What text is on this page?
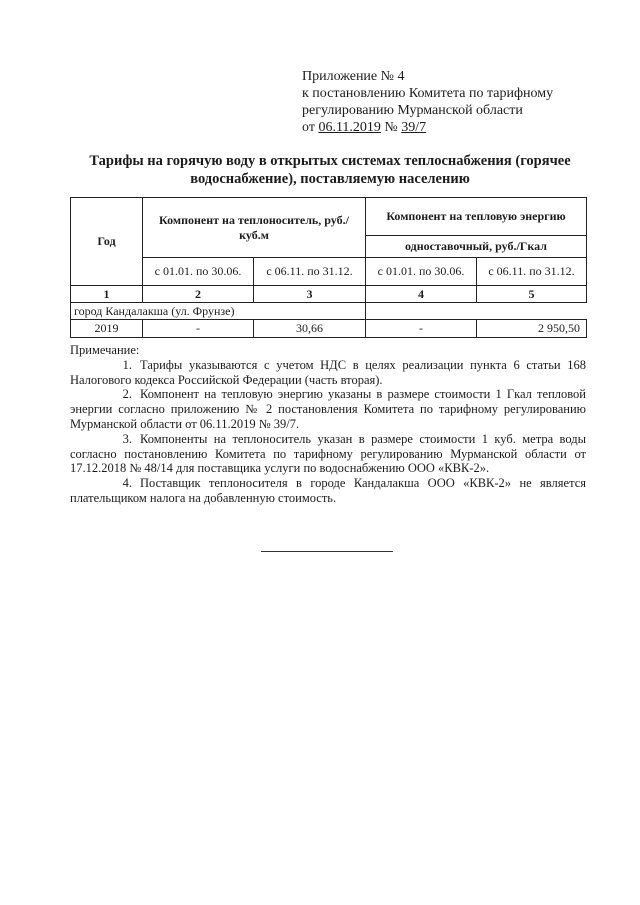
Приложение № 4
к постановлению Комитета по тарифному
регулированию Мурманской области
от 06.11.2019 № 39/7
Тарифы на горячую воду в открытых системах теплоснабжения (горячее
водоснабжение), поставляемую населению
Год	Компонент на теплоноситель, руб./куб.м		Компонент на тепловую энергию	
			одноставочный, руб./Гкал	
	с 01.01. по 30.06.	с 06.11. по 31.12.	с 01.01. по 30.06.	с 06.11. по 31.12.
1	2	3	4	5
город Кандалакша (ул. Фрунзе)				
2019	-	30,66	-	2 950,50
Примечание:

1. Тарифы указываются с учетом НДС в целях реализации пункта 6 статьи 168 Налогового кодекса Российской Федерации (часть вторая).

2. Компонент на тепловую энергию указаны в размере стоимости 1 Гкал тепловой энергии согласно приложению № 2 постановления Комитета по тарифному регулированию Мурманской области от 06.11.2019 № 39/7.

3. Компоненты на теплоноситель указан в размере стоимости 1 куб. метра воды согласно постановлению Комитета по тарифному регулированию Мурманской области от 17.12.2018 № 48/14 для поставщика услуги по водоснабжению ООО «КВК-2».

4. Поставщик теплоносителя в городе Кандалакша ООО «КВК-2» не является плательщиком налога на добавленную стоимость.
